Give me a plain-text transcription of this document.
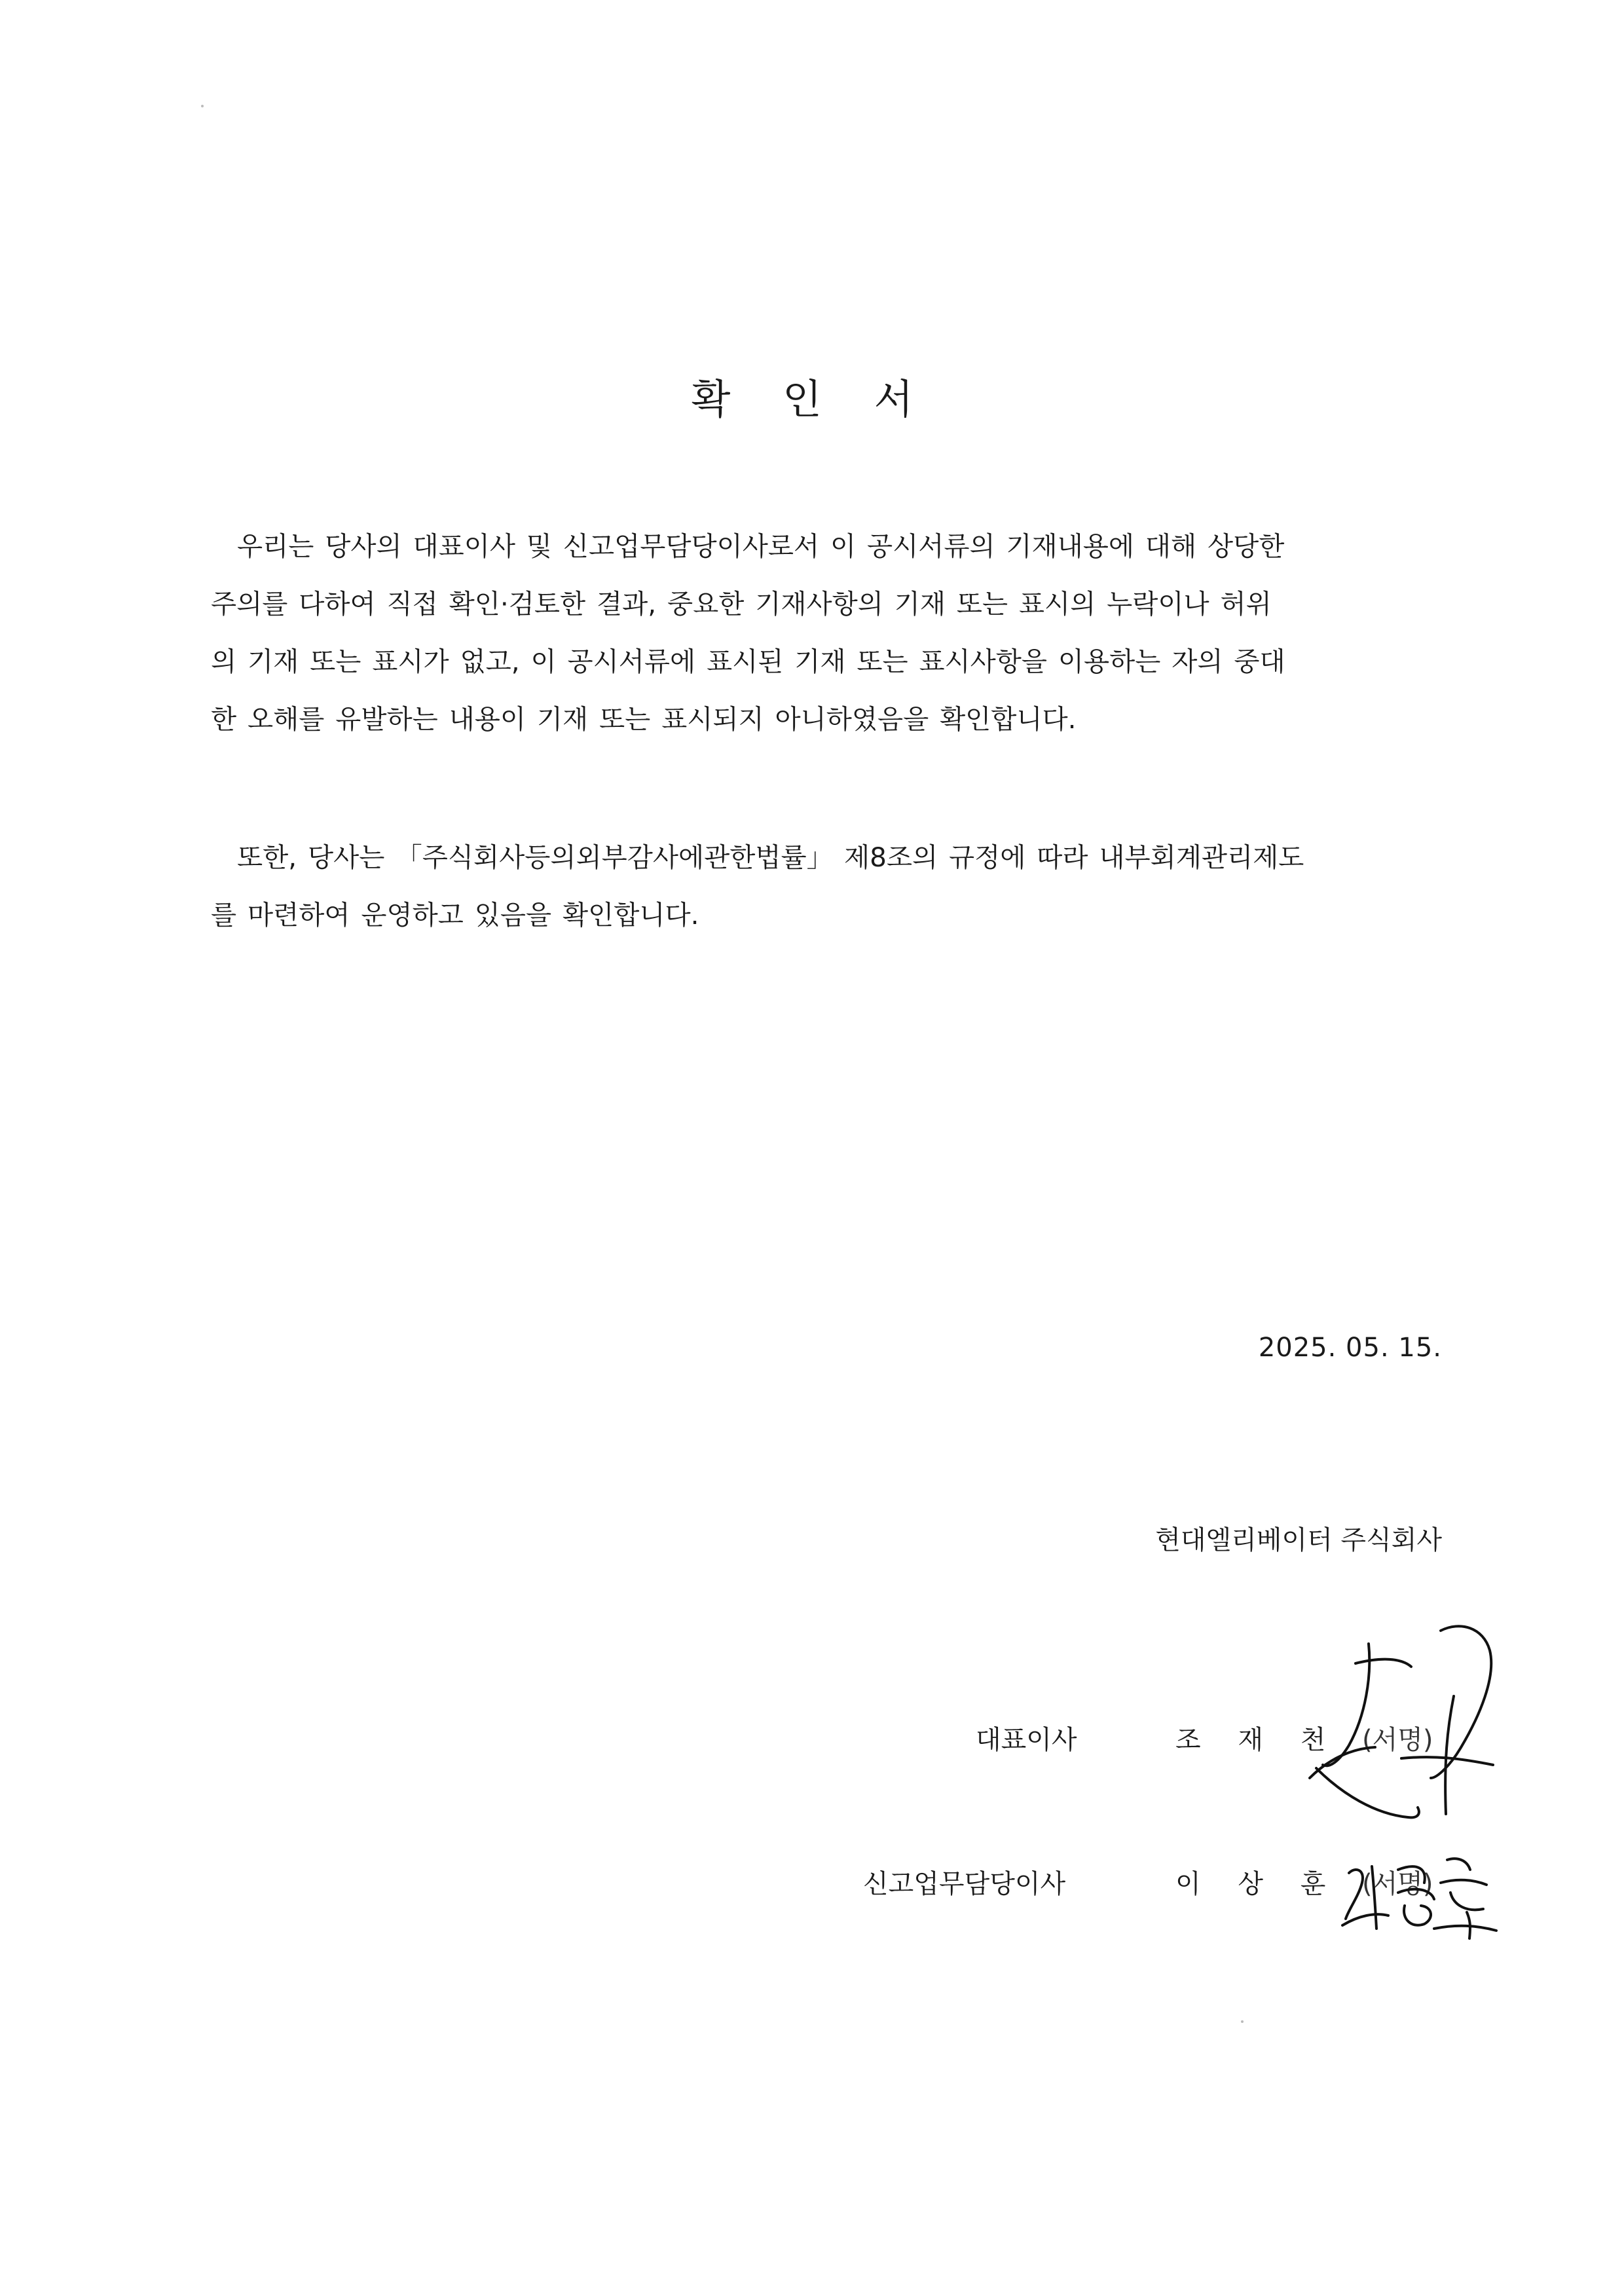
확 인 서
우리는 당사의 대표이사 및 신고업무담당이사로서 이 공시서류의 기재내용에 대해 상당한
주의를 다하여 직접 확인·검토한 결과, 중요한 기재사항의 기재 또는 표시의 누락이나 허위
의 기재 또는 표시가 없고, 이 공시서류에 표시된 기재 또는 표시사항을 이용하는 자의 중대
한 오해를 유발하는 내용이 기재 또는 표시되지 아니하였음을 확인합니다.
또한, 당사는 「주식회사등의외부감사에관한법률」 제8조의 규정에 따라 내부회계관리제도
를 마련하여 운영하고 있음을 확인합니다.
2025. 05. 15.
현대엘리베이터 주식회사
대표이사	조 재 천 (서명)
신고업무담당이사	이 상 훈 (서명)
